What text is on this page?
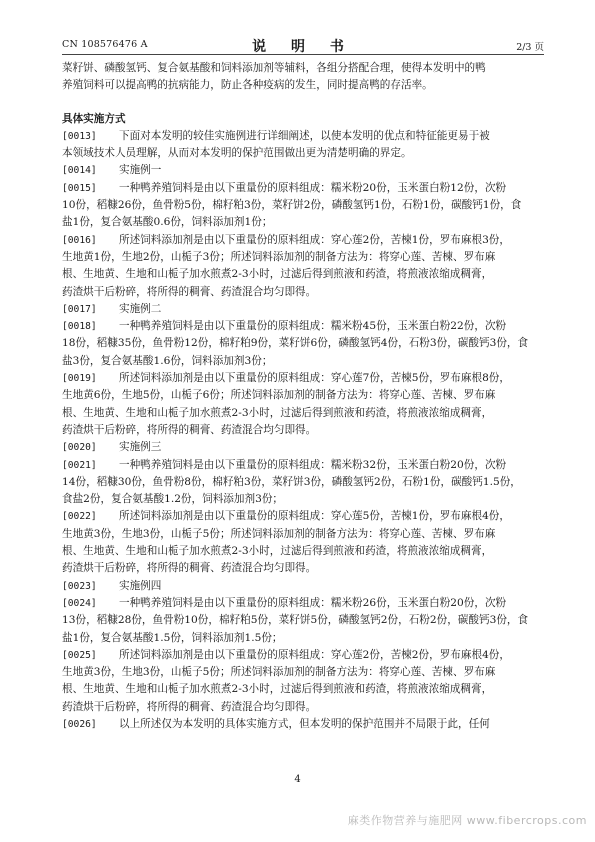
CN 108576476 A	说 明 书	2/3 页
菜籽饼、磷酸氢钙、复合氨基酸和饲料添加剂等辅料，各组分搭配合理，使得本发明中的鸭
养殖饲料可以提高鸭的抗病能力，防止各种疫病的发生，同时提高鸭的存活率。
具体实施方式
[0013]	下面对本发明的较佳实施例进行详细阐述，以使本发明的优点和特征能更易于被
本领域技术人员理解，从而对本发明的保护范围做出更为清楚明确的界定。
[0014]	实施例一
[0015]	一种鸭养殖饲料是由以下重量份的原料组成：糯米粉20份，玉米蛋白粉12份，次粉
10份，稻糠26份，鱼骨粉5份，棉籽粕3份，菜籽饼2份，磷酸氢钙1份，石粉1份，碳酸钙1份，食
盐1份，复合氨基酸0.6份，饲料添加剂1份；
[0016]	所述饲料添加剂是由以下重量份的原料组成：穿心莲2份，苦楝1份，罗布麻根3份，
生地黄1份，生地2份，山栀子3份；所述饲料添加剂的制备方法为：将穿心莲、苦楝、罗布麻
根、生地黄、生地和山栀子加水煎煮2-3小时，过滤后得到煎液和药渣，将煎液浓缩成稠膏，
药渣烘干后粉碎，将所得的稠膏、药渣混合均匀即得。
[0017]	实施例二
[0018]	一种鸭养殖饲料是由以下重量份的原料组成：糯米粉45份，玉米蛋白粉22份，次粉
18份，稻糠35份，鱼骨粉12份，棉籽粕9份，菜籽饼6份，磷酸氢钙4份，石粉3份，碳酸钙3份，食
盐3份，复合氨基酸1.6份，饲料添加剂3份；
[0019]	所述饲料添加剂是由以下重量份的原料组成：穿心莲7份，苦楝5份，罗布麻根8份，
生地黄6份，生地5份，山栀子6份；所述饲料添加剂的制备方法为：将穿心莲、苦楝、罗布麻
根、生地黄、生地和山栀子加水煎煮2-3小时，过滤后得到煎液和药渣，将煎液浓缩成稠膏，
药渣烘干后粉碎，将所得的稠膏、药渣混合均匀即得。
[0020]	实施例三
[0021]	一种鸭养殖饲料是由以下重量份的原料组成：糯米粉32份，玉米蛋白粉20份，次粉
14份，稻糠30份，鱼骨粉8份，棉籽粕3份，菜籽饼3份，磷酸氢钙2份，石粉1份，碳酸钙1.5份，
食盐2份，复合氨基酸1.2份，饲料添加剂3份；
[0022]	所述饲料添加剂是由以下重量份的原料组成：穿心莲5份，苦楝1份，罗布麻根4份，
生地黄3份，生地3份，山栀子5份；所述饲料添加剂的制备方法为：将穿心莲、苦楝、罗布麻
根、生地黄、生地和山栀子加水煎煮2-3小时，过滤后得到煎液和药渣，将煎液浓缩成稠膏，
药渣烘干后粉碎，将所得的稠膏、药渣混合均匀即得。
[0023]	实施例四
[0024]	一种鸭养殖饲料是由以下重量份的原料组成：糯米粉26份，玉米蛋白粉20份，次粉
13份，稻糠28份，鱼骨粉10份，棉籽粕5份，菜籽饼5份，磷酸氢钙2份，石粉2份，碳酸钙3份，食
盐1份，复合氨基酸1.5份，饲料添加剂1.5份；
[0025]	所述饲料添加剂是由以下重量份的原料组成：穿心莲2份，苦楝2份，罗布麻根4份，
生地黄3份，生地3份，山栀子5份；所述饲料添加剂的制备方法为：将穿心莲、苦楝、罗布麻
根、生地黄、生地和山栀子加水煎煮2-3小时，过滤后得到煎液和药渣，将煎液浓缩成稠膏，
药渣烘干后粉碎，将所得的稠膏、药渣混合均匀即得。
[0026]	以上所述仅为本发明的具体实施方式，但本发明的保护范围并不局限于此，任何
4
麻类作物营养与施肥网 www.fibercrops.com
